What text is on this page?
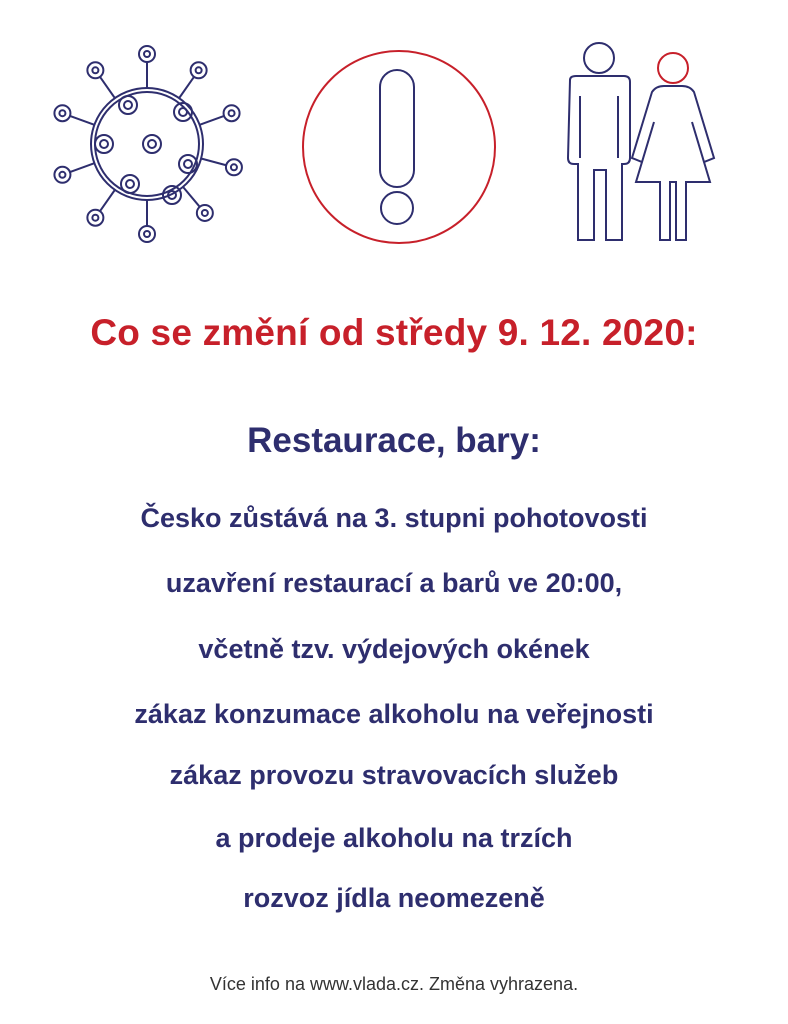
Co se změní od středy 9. 12. 2020:
Restaurace, bary:
Česko zůstává na 3. stupni pohotovosti
uzavření restaurací a barů ve 20:00,
včetně tzv. výdejových okének
zákaz konzumace alkoholu na veřejnosti
zákaz provozu stravovacích služeb
a prodeje alkoholu na trzích
rozvoz jídla neomezeně
Více info na www.vlada.cz. Změna vyhrazena.
